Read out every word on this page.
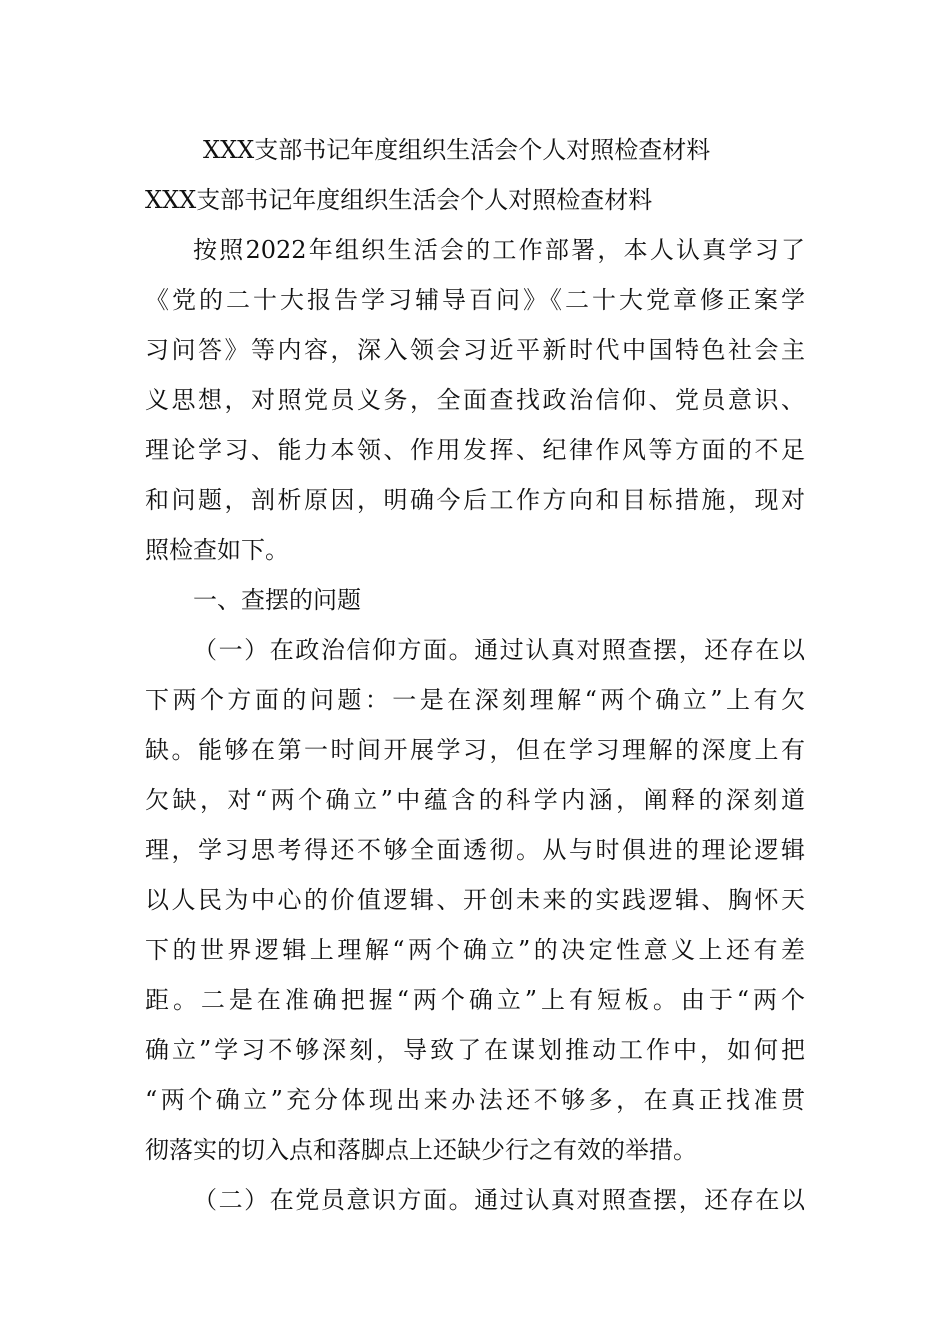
XXX支部书记年度组织生活会个人对照检查材料
XXX支部书记年度组织生活会个人对照检查材料

按照2022年组织生活会的工作部署，本人认真学习了

《党的二十大报告学习辅导百问》《二十大党章修正案学

习问答》等内容，深入领会习近平新时代中国特色社会主

义思想，对照党员义务，全面查找政治信仰、党员意识、

理论学习、能力本领、作用发挥、纪律作风等方面的不足

和问题，剖析原因，明确今后工作方向和目标措施，现对

照检查如下。

一、查摆的问题

（一）在政治信仰方面。通过认真对照查摆，还存在以

下两个方面的问题：一是在深刻理解“两个确立”上有欠

缺。能够在第一时间开展学习，但在学习理解的深度上有

欠缺，对“两个确立”中蕴含的科学内涵，阐释的深刻道

理，学习思考得还不够全面透彻。从与时俱进的理论逻辑

以人民为中心的价值逻辑、开创未来的实践逻辑、胸怀天

下的世界逻辑上理解“两个确立”的决定性意义上还有差

距。二是在准确把握“两个确立”上有短板。由于“两个

确立”学习不够深刻，导致了在谋划推动工作中，如何把

“两个确立”充分体现出来办法还不够多，在真正找准贯

彻落实的切入点和落脚点上还缺少行之有效的举措。

（二）在党员意识方面。通过认真对照查摆，还存在以
